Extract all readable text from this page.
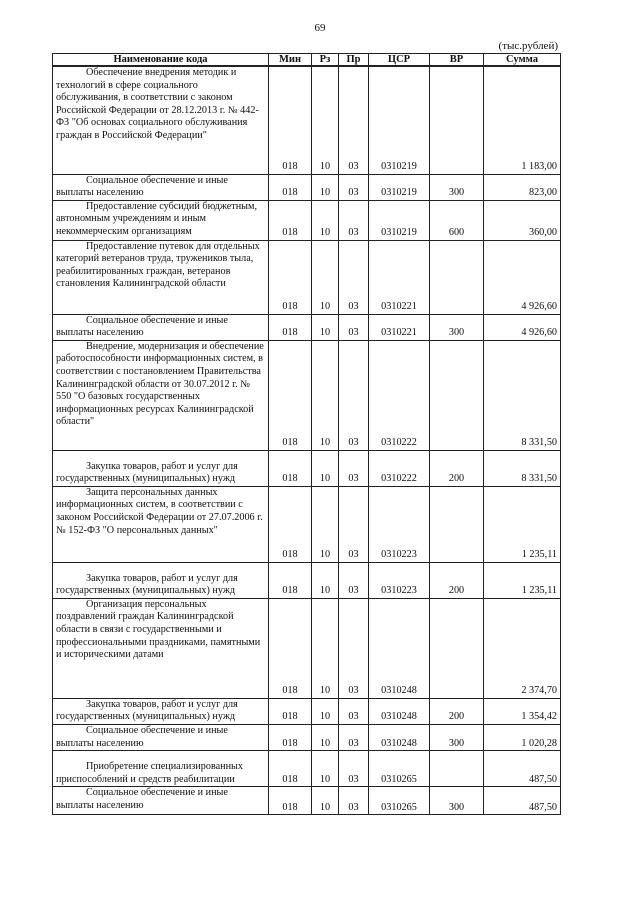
69
(тыс.рублей)
Наименование кода	Мин	Рз	Пр	ЦСР	ВР	Сумма
Обеспечение внедрения методик и технологий в сфере социального обслуживания, в соответствии с законом Российской Федерации от 28.12.2013 г. № 442-ФЗ "Об основах социального обслуживания граждан в Российской Федерации"	018	10	03	0310219		1 183,00
Социальное обеспечение и иные выплаты населению	018	10	03	0310219	300	823,00
Предоставление субсидий бюджетным, автономным учреждениям и иным некоммерческим организациям	018	10	03	0310219	600	360,00
Предоставление путевок для отдельных категорий ветеранов труда, тружеников тыла, реабилитированных граждан, ветеранов становления Калининградской области	018	10	03	0310221		4 926,60
Социальное обеспечение и иные выплаты населению	018	10	03	0310221	300	4 926,60
Внедрение, модернизация и обеспечение работоспособности информационных систем, в соответствии с постановлением Правительства Калининградской области от 30.07.2012 г. № 550 "О базовых государственных информационных ресурсах Калининградской области"	018	10	03	0310222		8 331,50
Закупка товаров, работ и услуг для государственных (муниципальных) нужд	018	10	03	0310222	200	8 331,50
Защита персональных данных информационных систем, в соответствии с законом Российской Федерации от 27.07.2006 г. № 152-ФЗ "О персональных данных"	018	10	03	0310223		1 235,11
Закупка товаров, работ и услуг для государственных (муниципальных) нужд	018	10	03	0310223	200	1 235,11
Организация персональных поздравлений граждан Калининградской области в связи с государственными и профессиональными праздниками, памятными и историческими датами	018	10	03	0310248		2 374,70
Закупка товаров, работ и услуг для государственных (муниципальных) нужд	018	10	03	0310248	200	1 354,42
Социальное обеспечение и иные выплаты населению	018	10	03	0310248	300	1 020,28
Приобретение специализированных приспособлений и средств реабилитации	018	10	03	0310265		487,50
Социальное обеспечение и иные выплаты населению	018	10	03	0310265	300	487,50
